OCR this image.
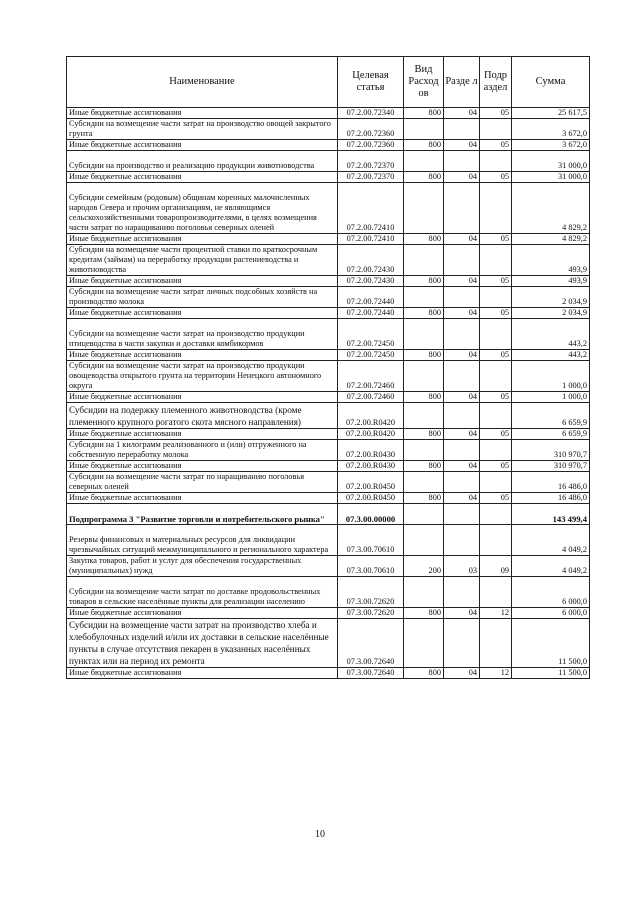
Наименование	Целевая статья	Вид Расход ов	Разде л	Подр аздел	Сумма
Иные бюджетные ассигнования	07.2.00.72340	800	04	05	25 617,5
Субсидии на возмещение части затрат на производство овощей закрытого грунта	07.2.00.72360				3 672,0
Иные бюджетные ассигнования	07.2.00.72360	800	04	05	3 672,0
Субсидии на производство и реализацию продукции животноводства	07.2.00.72370				31 000,0
Иные бюджетные ассигнования	07.2.00.72370	800	04	05	31 000,0
Субсидии семейным (родовым) общинам коренных малочисленных народов Севера и прочим организациям, не являющимся сельскохозяйственными товаропроизводителями, в целях возмещения части затрат по наращиванию поголовья северных оленей	07.2.00.72410				4 829,2
Иные бюджетные ассигнования	07.2.00.72410	800	04	05	4 829,2
Субсидии на возмещение части процентной ставки по краткосрочным кредитам (займам) на переработку продукции растениеводства и животноводства	07.2.00.72430				493,9
Иные бюджетные ассигнования	07.2.00.72430	800	04	05	493,9
Субсидии на возмещение части затрат личных подсобных хозяйств на производство молока	07.2.00.72440				2 034,9
Иные бюджетные ассигнования	07.2.00.72440	800	04	05	2 034,9
Субсидии на возмещение части затрат на производство продукции птицеводства в части закупки и доставки комбикормов	07.2.00.72450				443,2
Иные бюджетные ассигнования	07.2.00.72450	800	04	05	443,2
Субсидии на возмещение части затрат на производство продукции овощеводства открытого грунта на территории Ненецкого автономного округа	07.2.00.72460				1 000,0
Иные бюджетные ассигнования	07.2.00.72460	800	04	05	1 000,0
Субсидии на подержку племенного животноводства (кроме племенного крупного рогатого скота мясного направления)	07.2.00.R0420				6 659,9
Иные бюджетные ассигнования	07.2.00.R0420	800	04	05	6 659,9
Субсидии на 1 килограмм реализованного и (или) отгруженного на собственную переработку молока	07.2.00.R0430				310 970,7
Иные бюджетные ассигнования	07.2.00.R0430	800	04	05	310 970,7
Субсидии на возмещение части затрат по наращиванию поголовья северных оленей	07.2.00.R0450				16 486,0
Иные бюджетные ассигнования	07.2.00.R0450	800	04	05	16 486,0
Подпрограмма 3 "Развитие торговли и потребительского рынка"	07.3.00.00000				143 499,4
Резервы финансовых и материальных ресурсов для ликвидации чрезвычайных ситуаций межмуниципального и регионального характера	07.3.00.70610				4 049,2
Закупка товаров, работ и услуг для обеспечения государственных (муниципальных) нужд	07.3.00.70610	200	03	09	4 049,2
Субсидии на возмещение части затрат по доставке продовольственных товаров в сельские населённые пункты для реализации населению	07.3.00.72620				6 000,0
Иные бюджетные ассигнования	07.3.00.72620	800	04	12	6 000,0
Субсидии на возмещение части затрат на производство хлеба и хлебобулочных изделий и/или их доставки в сельские населённые пункты в случае отсутствия пекарен в указанных населённых пунктах или на период их ремонта	07.3.00.72640				11 500,0
Иные бюджетные ассигнования	07.3.00.72640	800	04	12	11 500,0
10
